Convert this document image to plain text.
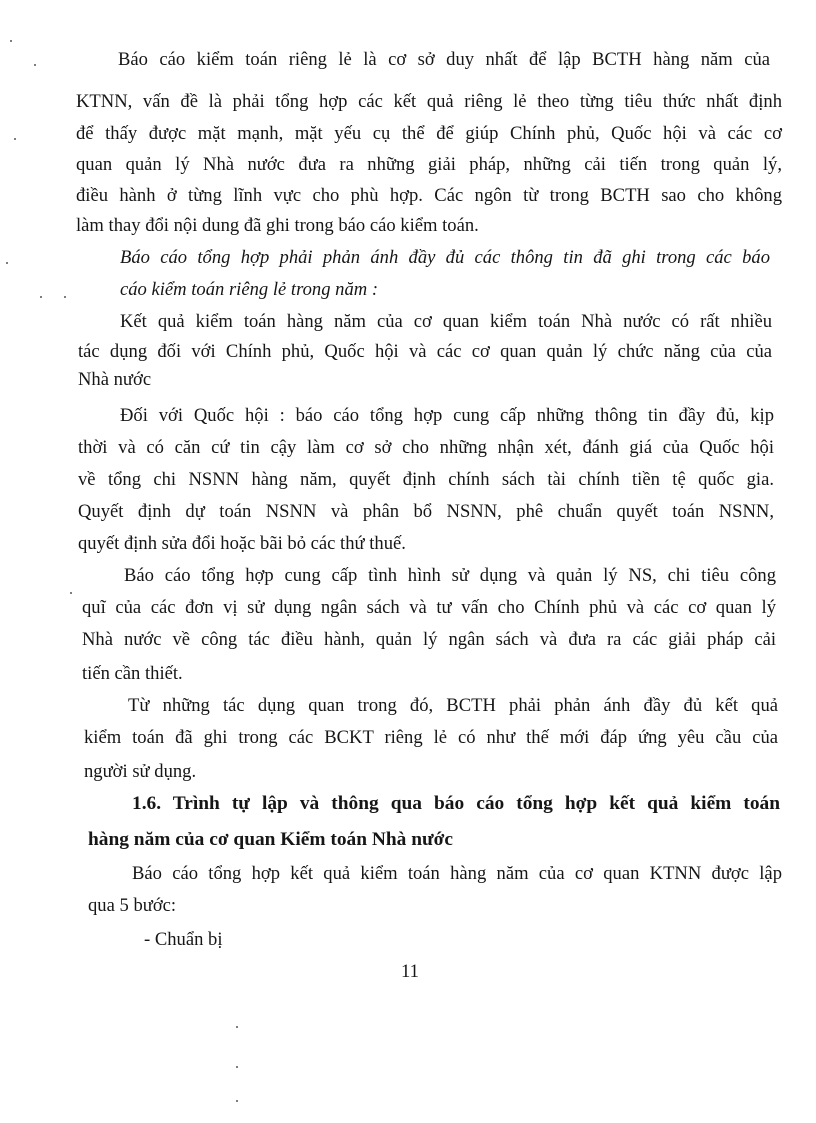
Báo cáo kiểm toán riêng lẻ là cơ sở duy nhất để lập BCTH hàng năm của
KTNN, vấn đề là phải tổng hợp các kết quả riêng lẻ theo từng tiêu thức nhất định
để thấy được mặt mạnh, mặt yếu cụ thể để giúp Chính phủ, Quốc hội và các cơ
quan quản lý Nhà nước đưa ra những giải pháp, những cải tiến trong quản lý,
điều hành ở từng lĩnh vực cho phù hợp. Các ngôn từ trong BCTH sao cho không
làm thay đổi nội dung đã ghi trong báo cáo kiểm toán.
Báo cáo tổng hợp phải phản ánh đầy đủ các thông tin đã ghi trong các báo
cáo kiểm toán riêng lẻ trong năm :
Kết quả kiểm toán hàng năm của cơ quan kiểm toán Nhà nước có rất nhiều
tác dụng đối với Chính phủ, Quốc hội và các cơ quan quản lý chức năng của của
Nhà nước
Đối với Quốc hội : báo cáo tổng hợp cung cấp những thông tin đầy đủ, kịp
thời và có căn cứ tin cậy làm cơ sở cho những nhận xét, đánh giá của Quốc hội
về tổng chi NSNN hàng năm, quyết định chính sách tài chính tiền tệ quốc gia.
Quyết định dự toán NSNN và phân bổ NSNN, phê chuẩn quyết toán NSNN,
quyết định sửa đổi hoặc bãi bỏ các thứ thuế.
Báo cáo tổng hợp cung cấp tình hình sử dụng và quản lý NS, chi tiêu công
quĩ của các đơn vị sử dụng ngân sách và tư vấn cho Chính phủ và các cơ quan lý
Nhà nước về công tác điều hành, quản lý ngân sách và đưa ra các giải pháp cải
tiến cần thiết.
Từ những tác dụng quan trong đó, BCTH phải phản ánh đầy đủ kết quả
kiểm toán đã ghi trong các BCKT riêng lẻ có như thế mới đáp ứng yêu cầu của
người sử dụng.
1.6. Trình tự lập và thông qua báo cáo tổng hợp kết quả kiểm toán
hàng năm của cơ quan Kiểm toán Nhà nước
Báo cáo tổng hợp kết quả kiểm toán hàng năm của cơ quan KTNN được lập
qua 5 bước:
- Chuẩn bị
11
